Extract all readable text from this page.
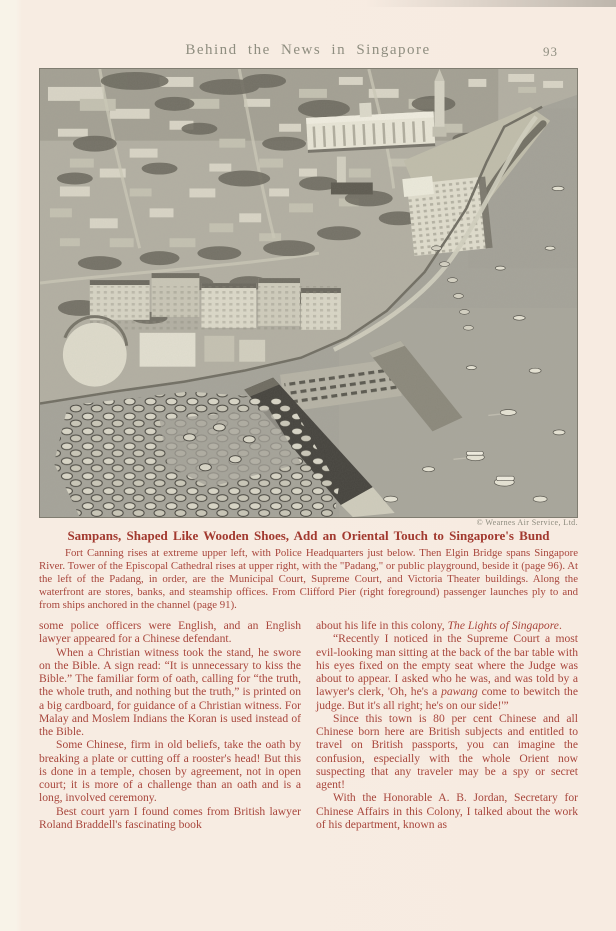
Behind the News in Singapore	93
© Wearnes Air Service, Ltd.
Sampans, Shaped Like Wooden Shoes, Add an Oriental Touch to Singapore's Bund
Fort Canning rises at extreme upper left, with Police Headquarters just below. Then Elgin Bridge spans Singapore River. Tower of the Episcopal Cathedral rises at upper right, with the "Padang," or public playground, beside it (page 96). At the left of the Padang, in order, are the Municipal Court, Supreme Court, and Victoria Theater buildings. Along the waterfront are stores, banks, and steamship offices. From Clifford Pier (right foreground) passenger launches ply to and from ships anchored in the channel (page 91).

some police officers were English, and an English lawyer appeared for a Chinese defendant.

When a Christian witness took the stand, he swore on the Bible. A sign read: “It is unnecessary to kiss the Bible.” The familiar form of oath, calling for “the truth, the whole truth, and nothing but the truth,” is printed on a big cardboard, for guidance of a Christian witness. For Malay and Moslem Indians the Koran is used instead of the Bible.

Some Chinese, firm in old beliefs, take the oath by breaking a plate or cutting off a rooster's head! But this is done in a temple, chosen by agreement, not in open court; it is more of a challenge than an oath and is a long, involved ceremony.

Best court yarn I found comes from British lawyer Roland Braddell's fascinating book

about his life in this colony, The Lights of Singapore.

“Recently I noticed in the Supreme Court a most evil-looking man sitting at the back of the bar table with his eyes fixed on the empty seat where the Judge was about to appear. I asked who he was, and was told by a lawyer's clerk, 'Oh, he's a pawang come to bewitch the judge. But it's all right; he's on our side!'”

Since this town is 80 per cent Chinese and all Chinese born here are British subjects and entitled to travel on British passports, you can imagine the confusion, especially with the whole Orient now suspecting that any traveler may be a spy or secret agent!

With the Honorable A. B. Jordan, Secretary for Chinese Affairs in this Colony, I talked about the work of his department, known as
